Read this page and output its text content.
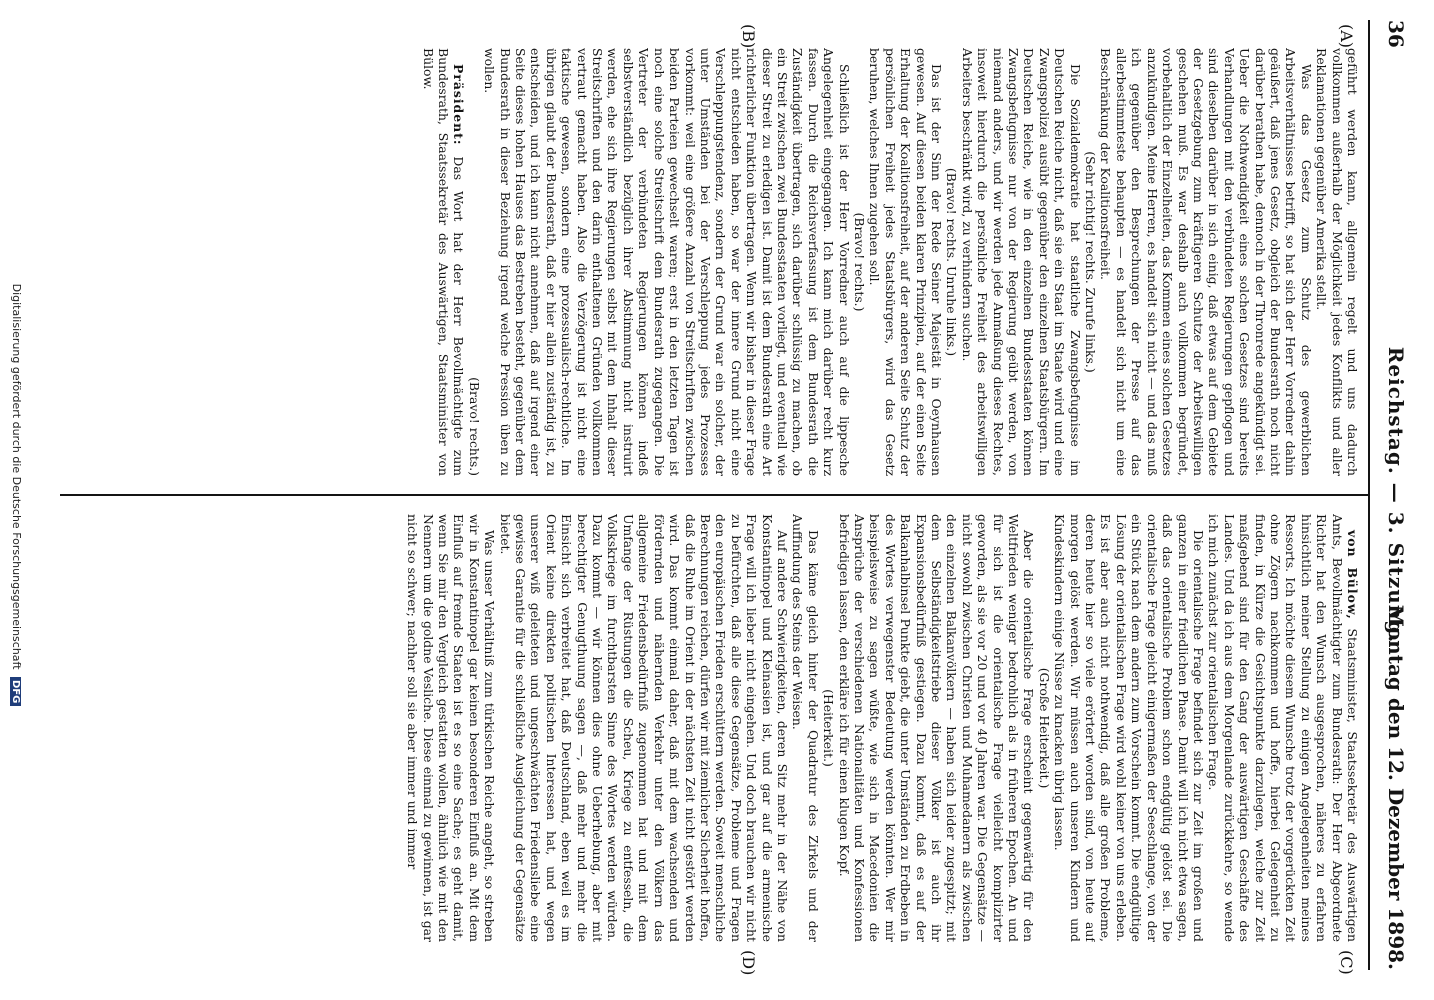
36
Reichstag. — 3. Sitzung.
Montag den 12. Dezember 1898.
(A)
(B)
(C)
(D)

geführt werden kann, allgemein regelt und uns dadurch vollkommen außerhalb der Möglichkeit jedes Konflikts und aller Reklamationen gegenüber Amerika stellt.

Was das Gesetz zum Schutz des gewerblichen Arbeitsverhältnisses betrifft, so hat sich der Herr Vorredner dahin geäußert, daß jenes Gesetz, obgleich der Bundesrath noch nicht darüber berathen habe, dennoch in der Thronrede angekündigt sei. Ueber die Nothwendigkeit eines solchen Gesetzes sind bereits Verhandlungen mit den verbündeten Regierungen gepflogen und sind dieselben darüber in sich einig, daß etwas auf dem Gebiete der Gesetzgebung zum kräftigeren Schutze der Arbeitswilligen geschehen muß. Es war deshalb auch vollkommen begründet, vorbehaltlich der Einzelheiten, das Kommen eines solchen Gesetzes anzukündigen. Meine Herren, es handelt sich nicht — und das muß ich gegenüber den Besprechungen der Presse auf das allerbestimmteste behaupten — es handelt sich nicht um eine Beschränkung der Koalitionsfreiheit.

(Sehr richtig! rechts. Zurufe links.)

Die Sozialdemokratie hat staatliche Zwangsbefugnisse im Deutschen Reiche nicht, daß sie ein Staat im Staate wird und eine Zwangspolizei ausübt gegenüber den einzelnen Staatsbürgern. Im Deutschen Reiche, wie in den einzelnen Bundesstaaten können Zwangsbefugnisse nur von der Regierung geübt werden, von niemand anders, und wir werden jede Anmaßung dieses Rechtes, insoweit hierdurch die persönliche Freiheit des arbeitswilligen Arbeiters beschränkt wird, zu verhindern suchen.

(Bravo! rechts. Unruhe links.)

Das ist der Sinn der Rede Seiner Majestät in Oeynhausen gewesen. Auf diesen beiden klaren Prinzipien, auf der einen Seite Erhaltung der Koalitionsfreiheit, auf der anderen Seite Schutz der persönlichen Freiheit jedes Staatsbürgers, wird das Gesetz beruhen, welches Ihnen zugehen soll.

(Bravo! rechts.)

Schließlich ist der Herr Vorredner auch auf die lippesche Angelegenheit eingegangen. Ich kann mich darüber recht kurz fassen. Durch die Reichsverfassung ist dem Bundesrath die Zuständigkeit übertragen, sich darüber schlüssig zu machen, ob ein Streit zwischen zwei Bundesstaaten vorliegt, und eventuell wie dieser Streit zu erledigen ist. Damit ist dem Bundesrath eine Art richterlicher Funktion übertragen. Wenn wir bisher in dieser Frage nicht entschieden haben, so war der innere Grund nicht eine Verschleppungstendenz, sondern der Grund war ein solcher, der unter Umständen bei der Verschleppung jedes Prozesses vorkommt: weil eine größere Anzahl von Streitschriften zwischen beiden Parteien gewechselt waren; erst in den letzten Tagen ist noch eine solche Streitschrift dem Bundesrath zugegangen. Die Vertreter der verbündeten Regierungen können indeß selbstverständlich bezüglich ihrer Abstimmung nicht instruirt werden, ehe sich ihre Regierungen selbst mit dem Inhalt dieser Streitschriften und den darin enthaltenen Gründen vollkommen vertraut gemacht haben. Also die Verzögerung ist nicht eine taktische gewesen, sondern eine prozessualisch-rechtliche. Im übrigen glaubt der Bundesrath, daß er hier allein zuständig ist, zu entscheiden, und ich kann nicht annehmen, daß auf irgend einer Seite dieses hohen Hauses das Bestreben besteht, gegenüber dem Bundesrath in dieser Beziehung irgend welche Pression üben zu wollen.

(Bravo! rechts.)

Präsident: Das Wort hat der Herr Bevollmächtigte zum Bundesrath, Staatssekretär des Auswärtigen, Staatsminister von Bülow.

von Bülow, Staatsminister, Staatssekretär des Auswärtigen Amts, Bevollmächtigter zum Bundesrath: Der Herr Abgeordnete Richter hat den Wunsch ausgesprochen, näheres zu erfahren hinsichtlich meiner Stellung zu einigen Angelegenheiten meines Ressorts. Ich möchte diesem Wunsche trotz der vorgerückten Zeit ohne Zögern nachkommen und hoffe, hierbei Gelegenheit zu finden, in Kürze die Gesichtspunkte darzulegen, welche zur Zeit maßgebend sind für den Gang der auswärtigen Geschäfte des Landes. Und da ich aus dem Morgenlande zurückkehre, so wende ich mich zunächst zur orientalischen Frage.

Die orientalische Frage befindet sich zur Zeit im großen und ganzen in einer friedlichen Phase. Damit will ich nicht etwa sagen, daß das orientalische Problem schon endgültig gelöst sei. Die orientalische Frage gleicht einigermaßen der Seeschlange, von der ein Stück nach dem andern zum Vorschein kommt. Die endgültige Lösung der orientalischen Frage wird wohl keiner von uns erleben. Es ist aber auch nicht nothwendig, daß alle großen Probleme, deren heute hier so viele erörtert worden sind, von heute auf morgen gelöst werden. Wir müssen auch unseren Kindern und Kindeskindern einige Nüsse zu knacken übrig lassen.

(Große Heiterkeit.)

Aber die orientalische Frage erscheint gegenwärtig für den Weltfrieden weniger bedrohlich als in früheren Epochen. An und für sich ist die orientalische Frage vielleicht komplizirter geworden, als sie vor 20 und vor 40 Jahren war. Die Gegensätze — nicht sowohl zwischen Christen und Muhamedanern als zwischen den einzelnen Balkanvölkern — haben sich leider zugespitzt; mit dem Selbständigkeitstriebe dieser Völker ist auch ihr Expansionsbedürfniß gestiegen. Dazu kommt, daß es auf der Balkanhalbinsel Punkte giebt, die unter Umständen zu Erdbeben in des Wortes verwegenster Bedeutung werden könnten. Wer mir beispielsweise zu sagen wüßte, wie sich in Macedonien die Ansprüche der verschiedenen Nationalitäten und Konfessionen befriedigen lassen, den erkläre ich für einen klugen Kopf.

(Heiterkeit.)

Das käme gleich hinter der Quadratur des Zirkels und der Auffindung des Steins der Weisen.

Auf andere Schwierigkeiten, deren Sitz mehr in der Nähe von Konstantinopel und Kleinasien ist, und gar auf die armenische Frage will ich lieber nicht eingehen. Und doch brauchen wir nicht zu befürchten, daß alle diese Gegensätze, Probleme und Fragen den europäischen Frieden erschüttern werden. Soweit menschliche Berechnungen reichen, dürfen wir mit ziemlicher Sicherheit hoffen, daß die Ruhe im Orient in der nächsten Zeit nicht gestört werden wird. Das kommt einmal daher, daß mit dem wachsenden und fördernden und nähernden Verkehr unter den Völkern das allgemeine Friedensbedürfniß zugenommen hat und mit dem Umfange der Rüstungen die Scheu, Kriege zu entfesseln, die Volkskriege im furchtbarsten Sinne des Wortes werden würden. Dazu kommt — wir können dies ohne Ueberhebung, aber mit berechtigter Genugthuung sagen —, daß mehr und mehr die Einsicht sich verbreitet hat, daß Deutschland, eben weil es im Orient keine direkten politischen Interessen hat, und wegen unserer wiß geleiteten und ungeschwächten Friedensliebe eine gewisse Garantie für die schließliche Ausgleichung der Gegensätze bietet.

Was unser Verhältniß zum türkischen Reiche angeht, so streben wir in Konstantinopel gar keinen besonderen Einfluß an. Mit dem Einfluß auf fremde Staaten ist es so eine Sache; es geht damit, wenn Sie mir den Vergleich gestatten wollen, ähnlich wie mit den Nennern um die goldne Vesliche. Diese einmal zu gewinnen, ist gar nicht so schwer; nachher soll sie aber immer und immer

Digitalisierung gefördert durch die Deutsche Forschungsgemeinschaft DFG
